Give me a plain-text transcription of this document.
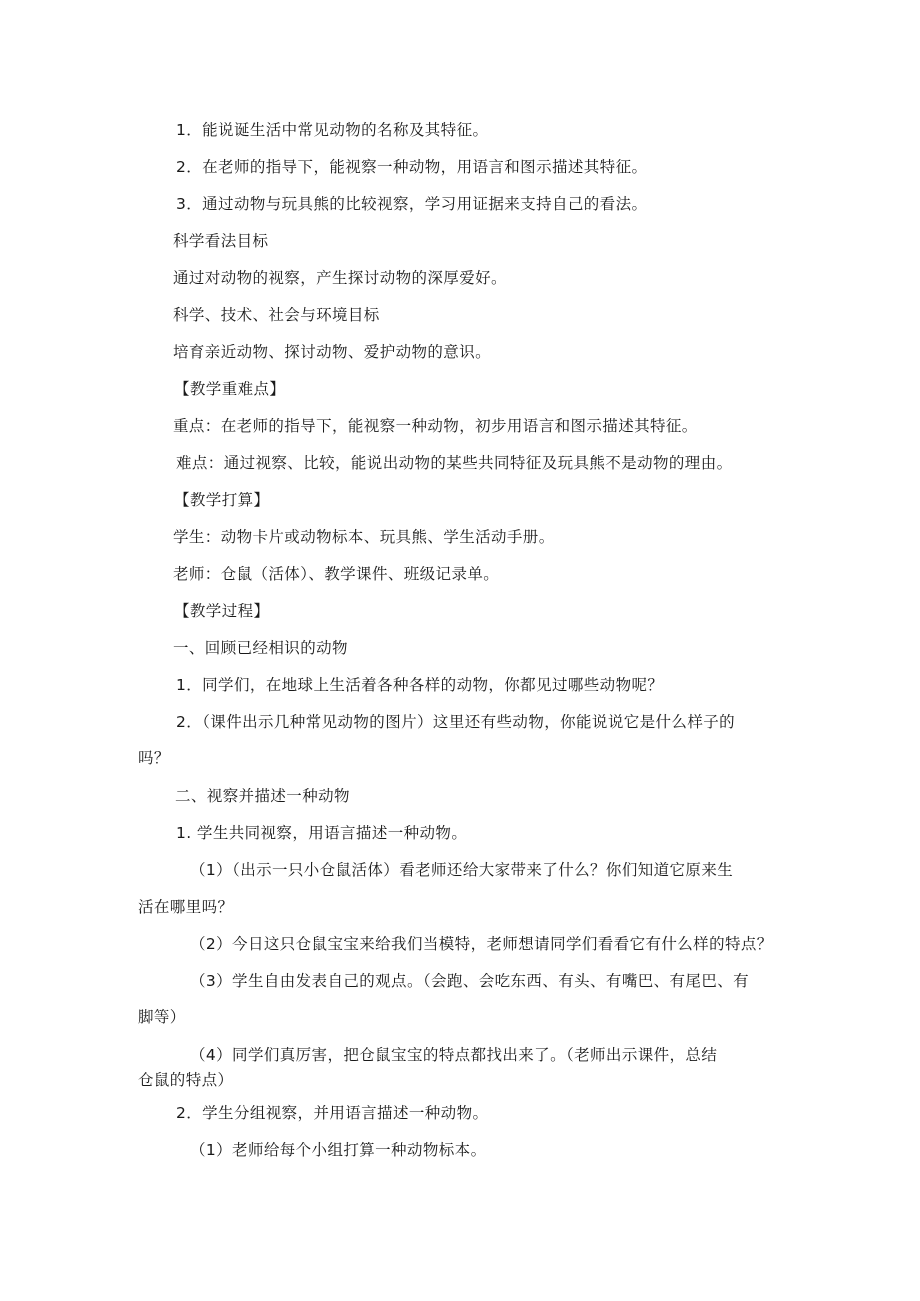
1．能说诞生活中常见动物的名称及其特征。
2．在老师的指导下，能视察一种动物，用语言和图示描述其特征。
3．通过动物与玩具熊的比较视察，学习用证据来支持自己的看法。
科学看法目标
通过对动物的视察，产生探讨动物的深厚爱好。
科学、技术、社会与环境目标
培育亲近动物、探讨动物、爱护动物的意识。
【教学重难点】
重点：在老师的指导下，能视察一种动物，初步用语言和图示描述其特征。
难点：通过视察、比较，能说出动物的某些共同特征及玩具熊不是动物的理由。
【教学打算】
学生：动物卡片或动物标本、玩具熊、学生活动手册。
老师：仓鼠（活体）、教学课件、班级记录单。
【教学过程】
一、回顾已经相识的动物
1．同学们，在地球上生活着各种各样的动物，你都见过哪些动物呢？
2．（课件出示几种常见动物的图片）这里还有些动物，你能说说它是什么样子的
吗？
二、视察并描述一种动物
1. 学生共同视察，用语言描述一种动物。
（1）（出示一只小仓鼠活体）看老师还给大家带来了什么？你们知道它原来生
活在哪里吗？
（2）今日这只仓鼠宝宝来给我们当模特，老师想请同学们看看它有什么样的特点？
（3）学生自由发表自己的观点。（会跑、会吃东西、有头、有嘴巴、有尾巴、有
脚等）
（4）同学们真厉害，把仓鼠宝宝的特点都找出来了。（老师出示课件，总结
仓鼠的特点）
2．学生分组视察，并用语言描述一种动物。
（1）老师给每个小组打算一种动物标本。
